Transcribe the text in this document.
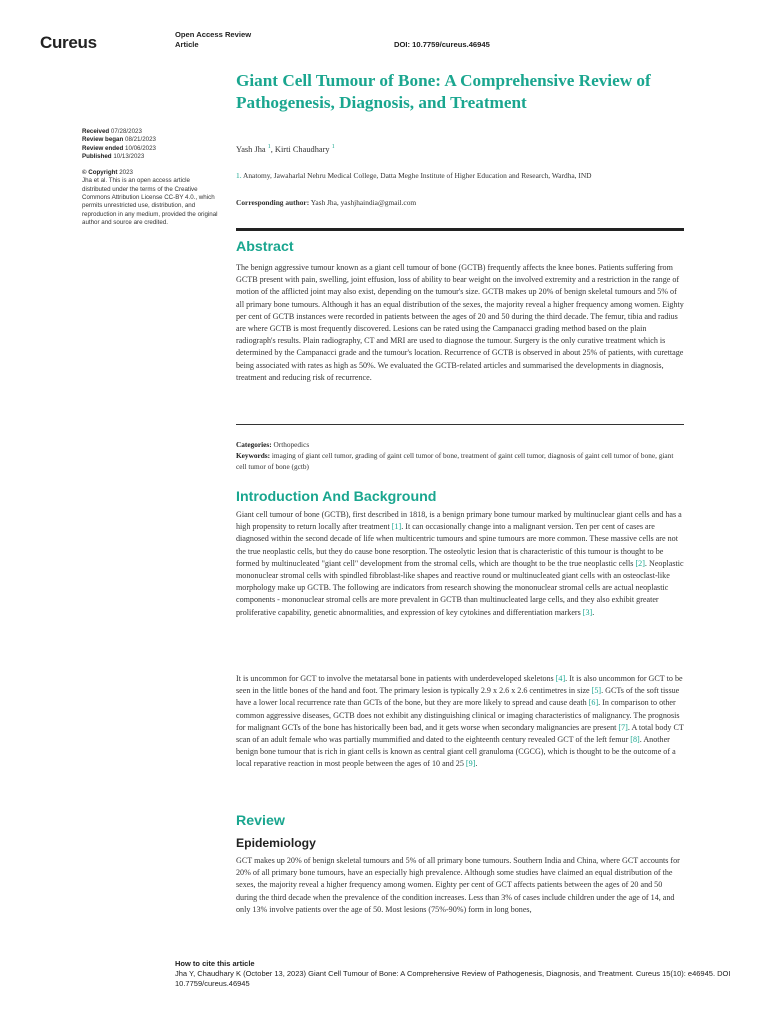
Cureus	Open Access Review
Article	DOI: 10.7759/cureus.46945
Received 07/28/2023
Review began 08/21/2023
Review ended 10/06/2023
Published 10/13/2023
© Copyright 2023
Jha et al. This is an open access article distributed under the terms of the Creative Commons Attribution License CC-BY 4.0., which permits unrestricted use, distribution, and reproduction in any medium, provided the original author and source are credited.
Giant Cell Tumour of Bone: A Comprehensive Review of Pathogenesis, Diagnosis, and Treatment
Yash Jha $^1$, Kirti Chaudhary $^1$
1. Anatomy, Jawaharlal Nehru Medical College, Datta Meghe Institute of Higher Education and Research, Wardha, IND
Corresponding author: Yash Jha, yashjhaindia@gmail.com
Abstract
The benign aggressive tumour known as a giant cell tumour of bone (GCTB) frequently affects the knee bones. Patients suffering from GCTB present with pain, swelling, joint effusion, loss of ability to bear weight on the involved extremity and a restriction in the range of motion of the afflicted joint may also exist, depending on the tumour's size. GCTB makes up 20% of benign skeletal tumours and 5% of all primary bone tumours. Although it has an equal distribution of the sexes, the majority reveal a higher frequency among women. Eighty per cent of GCTB instances were recorded in patients between the ages of 20 and 50 during the third decade. The femur, tibia and radius are where GCTB is most frequently discovered. Lesions can be rated using the Campanacci grading method based on the plain radiograph's results. Plain radiography, CT and MRI are used to diagnose the tumour. Surgery is the only curative treatment which is determined by the Campanacci grade and the tumour's location. Recurrence of GCTB is observed in about 25% of patients, with curettage being associated with rates as high as 50%. We evaluated the GCTB-related articles and summarised the developments in diagnosis, treatment and reducing risk of recurrence.
Categories: Orthopedics
Keywords: imaging of giant cell tumor, grading of gaint cell tumor of bone, treatment of gaint cell tumor, diagnosis of gaint cell tumor of bone, giant cell tumor of bone (gctb)
Introduction And Background
Giant cell tumour of bone (GCTB), first described in 1818, is a benign primary bone tumour marked by multinuclear giant cells and has a high propensity to return locally after treatment [1]. It can occasionally change into a malignant version. Ten per cent of cases are diagnosed within the second decade of life when multicentric tumours and spine tumours are more common. These massive cells are not the true neoplastic cells, but they do cause bone resorption. The osteolytic lesion that is characteristic of this tumour is thought to be formed by multinucleated "giant cell" development from the stromal cells, which are thought to be the true neoplastic cells [2]. Neoplastic mononuclear stromal cells with spindled fibroblast-like shapes and reactive round or multinucleated giant cells with an osteoclast-like morphology make up GCTB. The following are indicators from research showing the mononuclear stromal cells are actual neoplastic components - mononuclear stromal cells are more prevalent in GCTB than multinucleated large cells, and they also exhibit greater proliferative capability, genetic abnormalities, and expression of key cytokines and differentiation markers [3].
It is uncommon for GCT to involve the metatarsal bone in patients with underdeveloped skeletons [4]. It is also uncommon for GCT to be seen in the little bones of the hand and foot. The primary lesion is typically 2.9 x 2.6 x 2.6 centimetres in size [5]. GCTs of the soft tissue have a lower local recurrence rate than GCTs of the bone, but they are more likely to spread and cause death [6]. In comparison to other common aggressive diseases, GCTB does not exhibit any distinguishing clinical or imaging characteristics of malignancy. The prognosis for malignant GCTs of the bone has historically been bad, and it gets worse when secondary malignancies are present [7]. A total body CT scan of an adult female who was partially mummified and dated to the eighteenth century revealed GCT of the left femur [8]. Another benign bone tumour that is rich in giant cells is known as central giant cell granuloma (CGCG), which is thought to be the outcome of a local reparative reaction in most people between the ages of 10 and 25 [9].
Review
Epidemiology
GCT makes up 20% of benign skeletal tumours and 5% of all primary bone tumours. Southern India and China, where GCT accounts for 20% of all primary bone tumours, have an especially high prevalence. Although some studies have claimed an equal distribution of the sexes, the majority reveal a higher frequency among women. Eighty per cent of GCT affects patients between the ages of 20 and 50 during the third decade when the prevalence of the condition increases. Less than 3% of cases include children under the age of 14, and only 13% involve patients over the age of 50. Most lesions (75%-90%) form in long bones,
How to cite this article
Jha Y, Chaudhary K (October 13, 2023) Giant Cell Tumour of Bone: A Comprehensive Review of Pathogenesis, Diagnosis, and Treatment. Cureus 15(10): e46945. DOI 10.7759/cureus.46945
